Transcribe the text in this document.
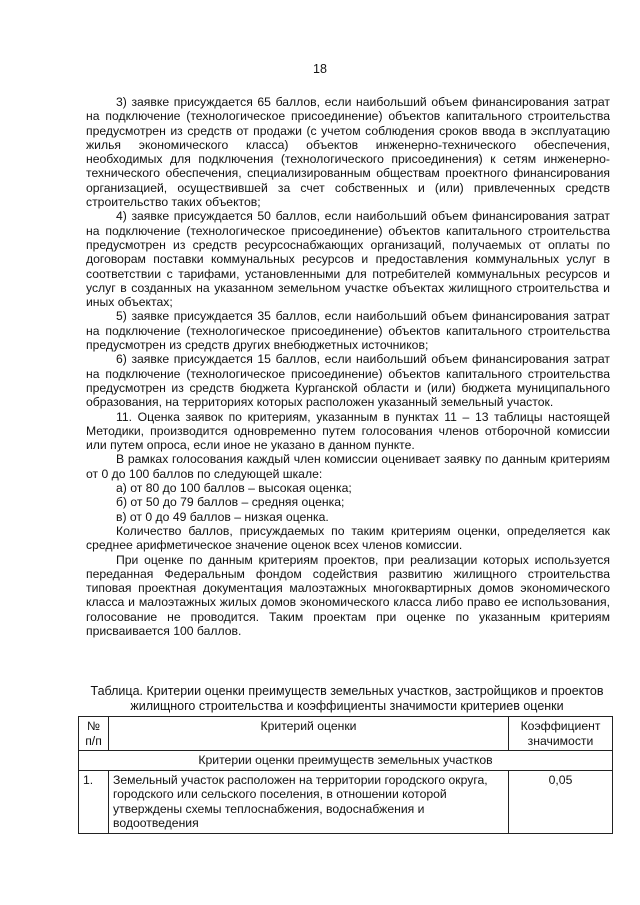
18

3) заявке присуждается 65 баллов, если наибольший объем финансирования затрат на подключение (технологическое присоединение) объектов капитального строительства предусмотрен из средств от продажи (с учетом соблюдения сроков ввода в эксплуатацию жилья экономического класса) объектов инженерно-технического обеспечения, необходимых для подключения (технологического присоединения) к сетям инженерно-технического обеспечения, специализированным обществам проектного финансирования организацией, осуществившей за счет собственных и (или) привлеченных средств строительство таких объектов;

4) заявке присуждается 50 баллов, если наибольший объем финансирования затрат на подключение (технологическое присоединение) объектов капитального строительства предусмотрен из средств ресурсоснабжающих организаций, получаемых от оплаты по договорам поставки коммунальных ресурсов и предоставления коммунальных услуг в соответствии с тарифами, установленными для потребителей коммунальных ресурсов и услуг в созданных на указанном земельном участке объектах жилищного строительства и иных объектах;

5) заявке присуждается 35 баллов, если наибольший объем финансирования затрат на подключение (технологическое присоединение) объектов капитального строительства предусмотрен из средств других внебюджетных источников;

6) заявке присуждается 15 баллов, если наибольший объем финансирования затрат на подключение (технологическое присоединение) объектов капитального строительства предусмотрен из средств бюджета Курганской области и (или) бюджета муниципального образования, на территориях которых расположен указанный земельный участок.

11. Оценка заявок по критериям, указанным в пунктах 11 – 13 таблицы настоящей Методики, производится одновременно путем голосования членов отборочной комиссии или путем опроса, если иное не указано в данном пункте.

В рамках голосования каждый член комиссии оценивает заявку по данным критериям от 0 до 100 баллов по следующей шкале:

а) от 80 до 100 баллов – высокая оценка;

б) от 50 до 79 баллов – средняя оценка;

в) от 0 до 49 баллов – низкая оценка.

Количество баллов, присуждаемых по таким критериям оценки, определяется как среднее арифметическое значение оценок всех членов комиссии.

При оценке по данным критериям проектов, при реализации которых используется переданная Федеральным фондом содействия развитию жилищного строительства типовая проектная документация малоэтажных многоквартирных домов экономического класса и малоэтажных жилых домов экономического класса либо право ее использования, голосование не проводится. Таким проектам при оценке по указанным критериям присваивается 100 баллов.

Таблица. Критерии оценки преимуществ земельных участков, застройщиков и проектов жилищного строительства и коэффициенты значимости критериев оценки
№ п/п	Критерий оценки	Коэффициент значимости
Критерии оценки преимуществ земельных участков		
1.	Земельный участок расположен на территории городского округа, городского или сельского поселения, в отношении которой утверждены схемы теплоснабжения, водоснабжения и водоотведения	0,05
